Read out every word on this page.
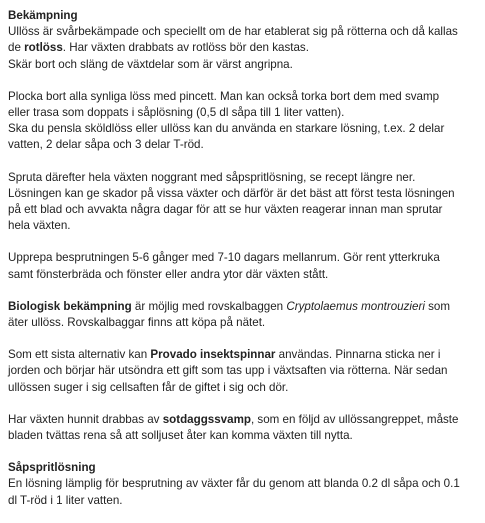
Bekämpning

Ullöss är svårbekämpade och speciellt om de har etablerat sig på rötterna och då kallas
de rotlöss. Har växten drabbats av rotlöss bör den kastas.
Skär bort och släng de växtdelar som är värst angripna.

Plocka bort alla synliga löss med pincett. Man kan också torka bort dem med svamp
eller trasa som doppats i såplösning (0,5 dl såpa till 1 liter vatten).
Ska du pensla sköldlöss eller ullöss kan du använda en starkare lösning, t.ex. 2 delar
vatten, 2 delar såpa och 3 delar T-röd.

Spruta därefter hela växten noggrant med såpspritlösning, se recept längre ner.
Lösningen kan ge skador på vissa växter och därför är det bäst att först testa lösningen
på ett blad och avvakta några dagar för att se hur växten reagerar innan man sprutar
hela växten.

Upprepa besprutningen 5-6 gånger med 7-10 dagars mellanrum. Gör rent ytterkruka
samt fönsterbräda och fönster eller andra ytor där växten stått.

Biologisk bekämpning är möjlig med rovskalbaggen Cryptolaemus montrouzieri som
äter ullöss. Rovskalbaggar finns att köpa på nätet.

Som ett sista alternativ kan Provado insektspinnar användas. Pinnarna sticka ner i
jorden och börjar här utsöndra ett gift som tas upp i växtsaften via rötterna. När sedan
ullössen suger i sig cellsaften får de giftet i sig och dör.

Har växten hunnit drabbas av sotdaggssvamp, som en följd av ullössangreppet, måste
bladen tvättas rena så att solljuset åter kan komma växten till nytta.

Såpspritlösning

En lösning lämplig för besprutning av växter får du genom att blanda 0.2 dl såpa och 0.1
dl T-röd i 1 liter vatten.
